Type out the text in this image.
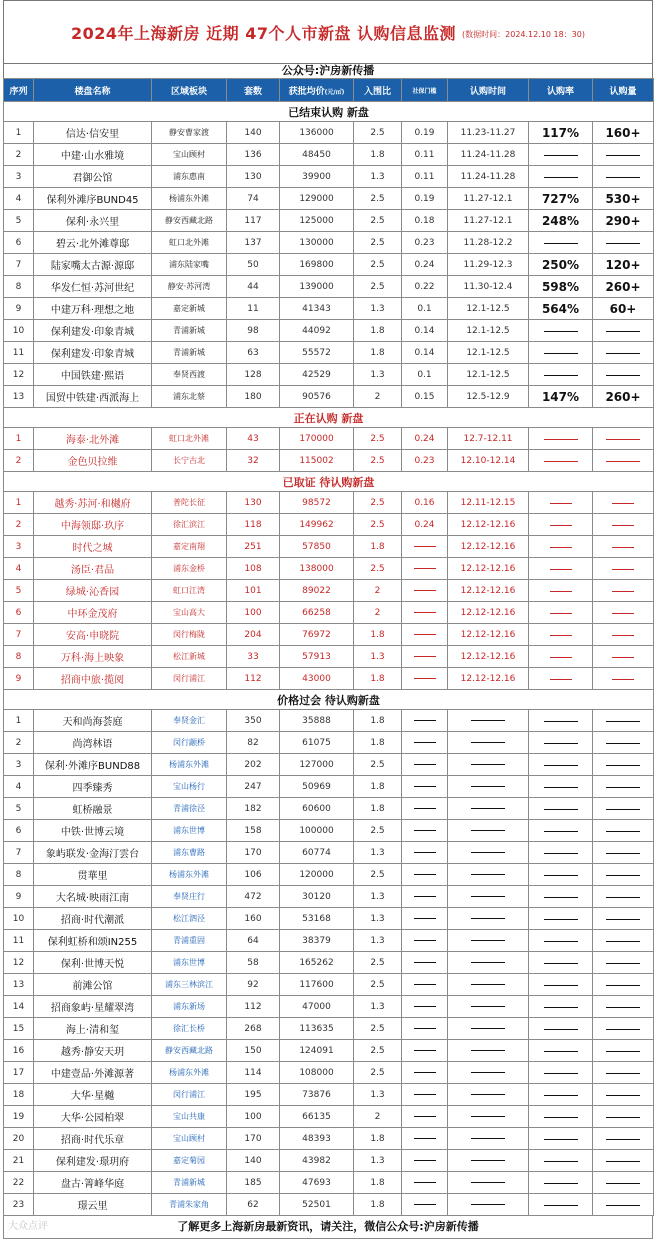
2024年上海新房 近期 47个人市新盘 认购信息监测 (数据时间：2024.12.10 18：30)
公众号:沪房新传播
序列	楼盘名称	区域板块	套数	获批均价(元/㎡)	入围比	社保门槛	认购时间	认购率	认购量
已结束认购 新盘									
1	信达·信安里	静安曹家渡	140	136000	2.5	0.19	11.23-11.27	117%	160+
2	中建·山水雅境	宝山顾村	136	48450	1.8	0.11	11.24-11.28		
3	君御公馆	浦东惠南	130	39900	1.3	0.11	11.24-11.28		
4	保利外滩序BUND45	杨浦东外滩	74	129000	2.5	0.19	11.27-12.1	727%	530+
5	保利·永兴里	静安西藏北路	117	125000	2.5	0.18	11.27-12.1	248%	290+
6	碧云·北外滩尊邸	虹口北外滩	137	130000	2.5	0.23	11.28-12.2		
7	陆家嘴太古源·源邸	浦东陆家嘴	50	169800	2.5	0.24	11.29-12.3	250%	120+
8	华发仁恒·苏河世纪	静安·苏河湾	44	139000	2.5	0.22	11.30-12.4	598%	260+
9	中建万科·理想之地	嘉定新城	11	41343	1.3	0.1	12.1-12.5	564%	60+
10	保利建发·印象青城	青浦新城	98	44092	1.8	0.14	12.1-12.5		
11	保利建发·印象青城	青浦新城	63	55572	1.8	0.14	12.1-12.5		
12	中国铁建·熙语	奉贤西渡	128	42529	1.3	0.1	12.1-12.5		
13	国贸中铁建·西派海上	浦东北蔡	180	90576	2	0.15	12.5-12.9	147%	260+
正在认购 新盘									
1	海泰·北外滩	虹口北外滩	43	170000	2.5	0.24	12.7-12.11		
2	金色贝拉维	长宁古北	32	115002	2.5	0.23	12.10-12.14		
已取证 待认购新盘									
1	越秀·苏河·和樾府	普陀长征	130	98572	2.5	0.16	12.11-12.15		
2	中海领邸·玖序	徐汇滨江	118	149962	2.5	0.24	12.12-12.16		
3	时代之城	嘉定南翔	251	57850	1.8		12.12-12.16		
4	汤臣·君品	浦东金桥	108	138000	2.5		12.12-12.16		
5	绿城·沁香园	虹口江湾	101	89022	2		12.12-12.16		
6	中环金茂府	宝山高大	100	66258	2		12.12-12.16		
7	安高·申晓院	闵行梅陇	204	76972	1.8		12.12-12.16		
8	万科·海上映象	松江新城	33	57913	1.3		12.12-12.16		
9	招商中旅·揽阅	闵行浦江	112	43000	1.8		12.12-12.16		
价格过会 待认购新盘									
1	天和尚海荟庭	奉贤金汇	350	35888	1.8				
2	尚湾林语	闵行颛桥	82	61075	1.8				
3	保利·外滩序BUND88	杨浦东外滩	202	127000	2.5				
4	四季臻秀	宝山杨行	247	50969	1.8				
5	虹桥融景	青浦徐泾	182	60600	1.8				
6	中铁·世博云境	浦东世博	158	100000	2.5				
7	象屿联发·金海汀雲台	浦东曹路	170	60774	1.3				
8	贯華里	杨浦东外滩	106	120000	2.5				
9	大名城·映雨江南	奉贤庄行	472	30120	1.3				
10	招商·时代潮派	松江泗泾	160	53168	1.3				
11	保利虹桥和颂IN255	青浦重固	64	38379	1.3				
12	保利·世博天悦	浦东世博	58	165262	2.5				
13	前滩公馆	浦东三林滨江	92	117600	2.5				
14	招商象屿·星耀翠湾	浦东新场	112	47000	1.3				
15	海上·清和玺	徐汇长桥	268	113635	2.5				
16	越秀·静安天玥	静安西藏北路	150	124091	2.5				
17	中建壹品·外滩源著	杨浦东外滩	114	108000	2.5				
18	大华·星樾	闵行浦江	195	73876	1.3				
19	大华·公园柏翠	宝山共康	100	66135	2				
20	招商·时代乐章	宝山顾村	170	48393	1.8				
21	保利建发·璟玥府	嘉定菊园	140	43982	1.3				
22	盘古·箐峰华庭	青浦新城	185	47693	1.8				
23	璟云里	青浦朱家角	62	52501	1.8				
大众点评	了解更多上海新房最新资讯，请关注，微信公众号:沪房新传播
